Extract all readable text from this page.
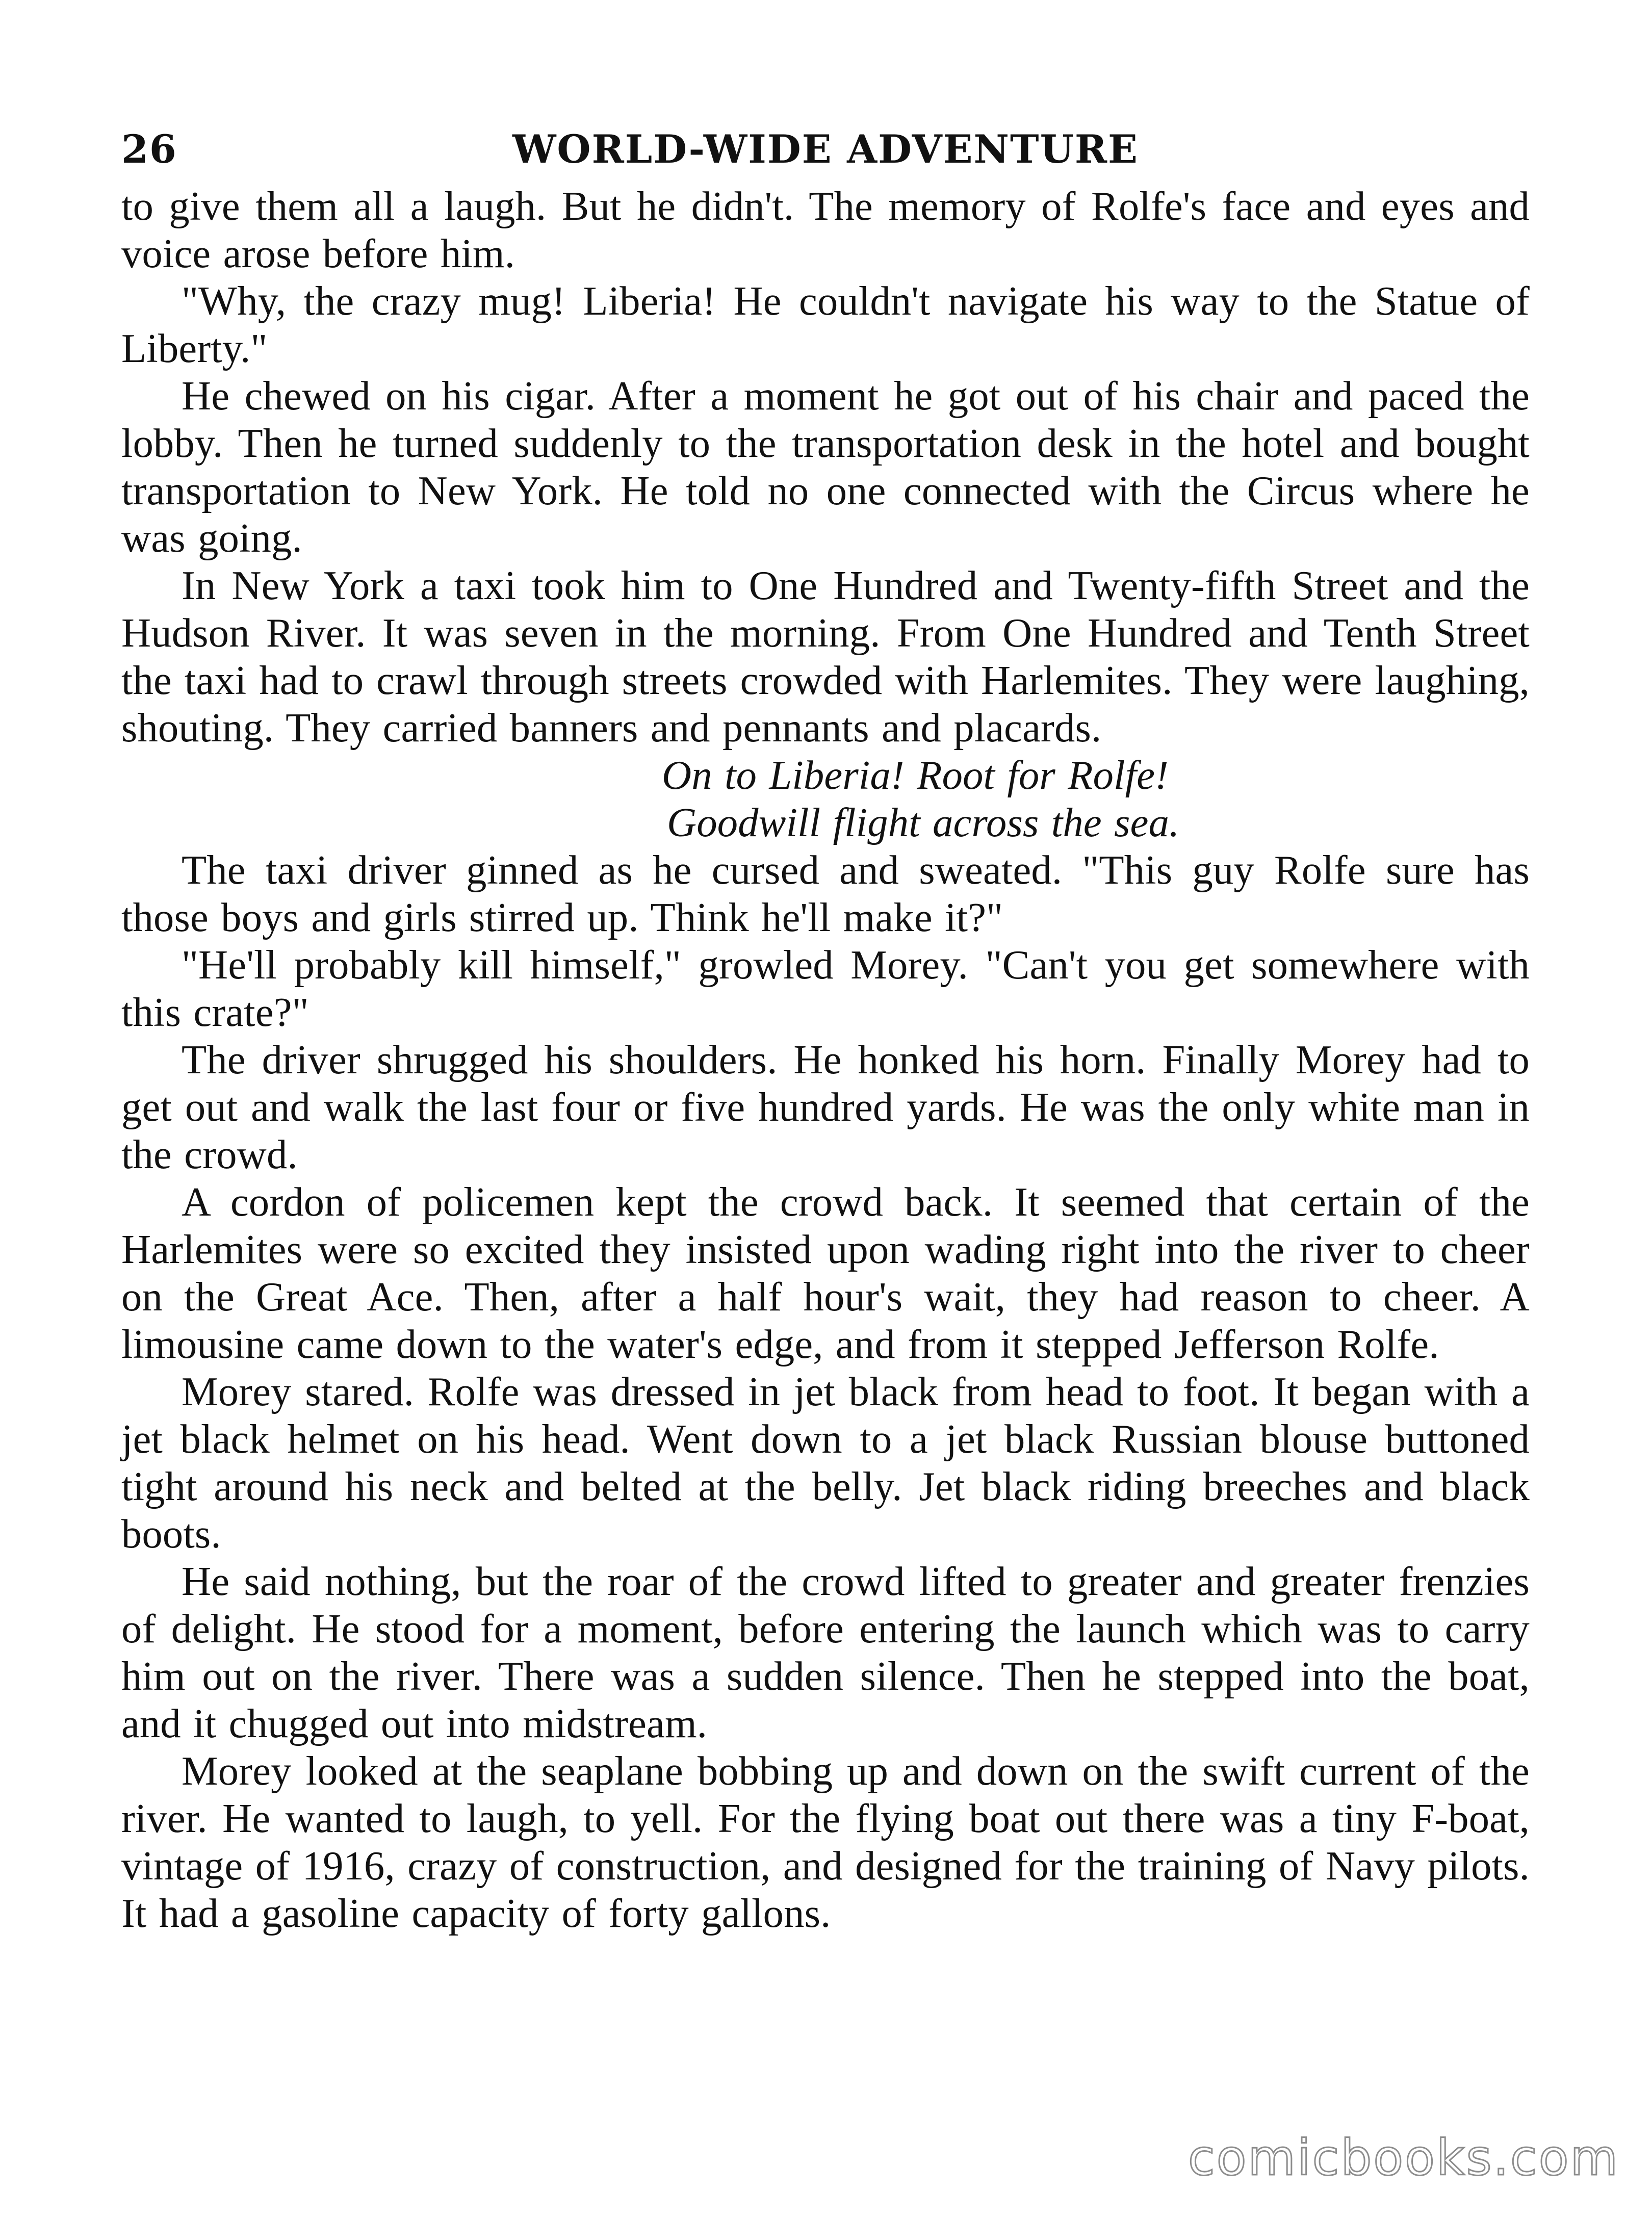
26	WORLD-WIDE ADVENTURE

to give them all a laugh. But he didn't. The memory of Rolfe's face and eyes and voice arose before him.

"Why, the crazy mug! Liberia! He couldn't navigate his way to the Statue of Liberty."

He chewed on his cigar. After a moment he got out of his chair and paced the lobby. Then he turned suddenly to the transportation desk in the hotel and bought transportation to New York. He told no one connected with the Circus where he was going.

In New York a taxi took him to One Hundred and Twenty-fifth Street and the Hudson River. It was seven in the morning. From One Hundred and Tenth Street the taxi had to crawl through streets crowded with Harlemites. They were laughing, shouting. They carried banners and pennants and placards.

On to Liberia! Root for Rolfe!
Goodwill flight across the sea.

The taxi driver ginned as he cursed and sweated. "This guy Rolfe sure has those boys and girls stirred up. Think he'll make it?"

"He'll probably kill himself," growled Morey. "Can't you get somewhere with this crate?"

The driver shrugged his shoulders. He honked his horn. Finally Morey had to get out and walk the last four or five hundred yards. He was the only white man in the crowd.

A cordon of policemen kept the crowd back. It seemed that certain of the Harlemites were so excited they insisted upon wading right into the river to cheer on the Great Ace. Then, after a half hour's wait, they had reason to cheer. A limousine came down to the water's edge, and from it stepped Jefferson Rolfe.

Morey stared. Rolfe was dressed in jet black from head to foot. It began with a jet black helmet on his head. Went down to a jet black Russian blouse buttoned tight around his neck and belted at the belly. Jet black riding breeches and black boots.

He said nothing, but the roar of the crowd lifted to greater and greater frenzies of delight. He stood for a moment, before entering the launch which was to carry him out on the river. There was a sudden silence. Then he stepped into the boat, and it chugged out into midstream.

Morey looked at the seaplane bobbing up and down on the swift current of the river. He wanted to laugh, to yell. For the flying boat out there was a tiny F-boat, vintage of 1916, crazy of construction, and designed for the training of Navy pilots. It had a gasoline capacity of forty gallons.

comicbooks.com
